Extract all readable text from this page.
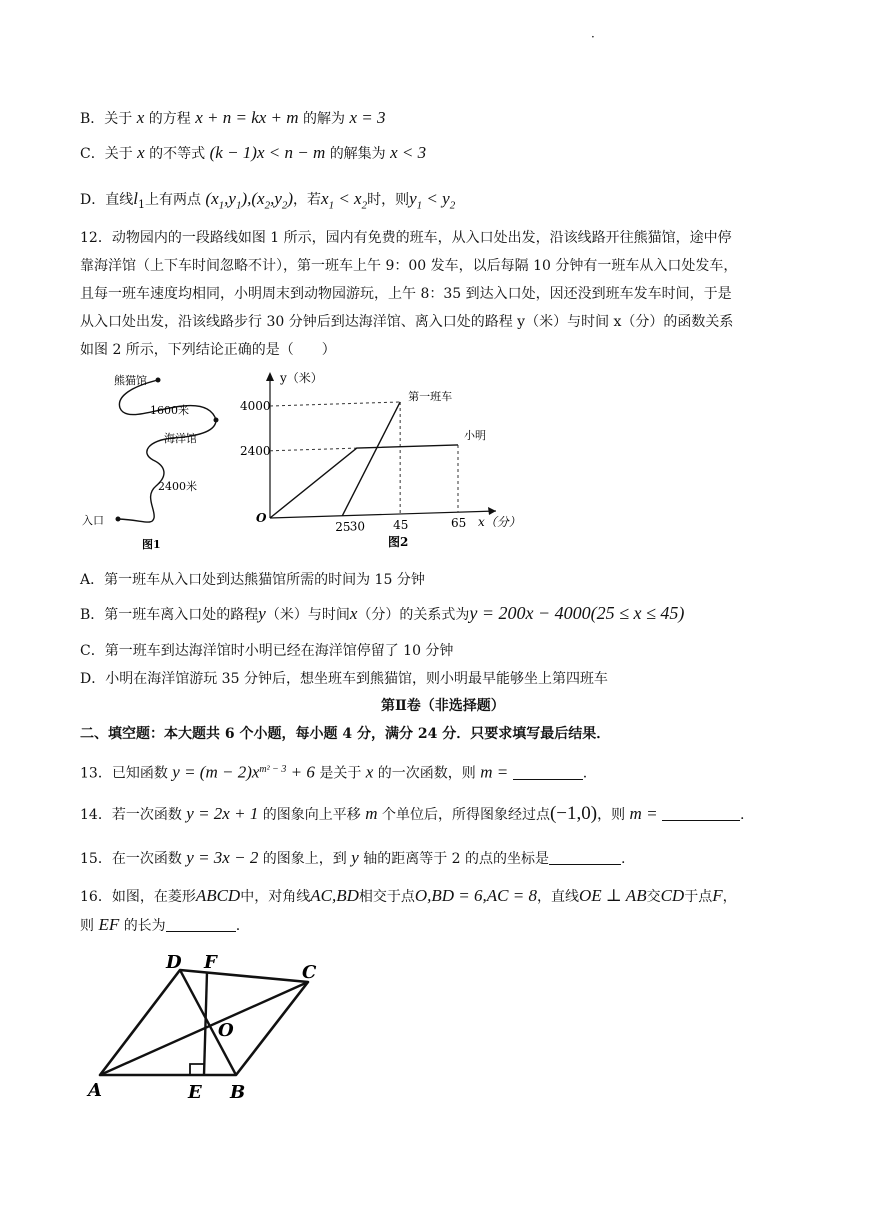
·
B．关于 x 的方程 x + n = kx + m 的解为 x = 3
C．关于 x 的不等式 (k − 1)x < n − m 的解集为 x < 3
D．直线$l_1$上有两点 $(x_1,y_1),(x_2,y_2)$，若$x_1 < x_2$时，则$y_1 < y_2$
12．动物园内的一段路线如图 1 所示，园内有免费的班车，从入口处出发，沿该线路开往熊猫馆，途中停
靠海洋馆（上下车时间忽略不计），第一班车上午 9：00 发车，以后每隔 10 分钟有一班车从入口处发车，
且每一班车速度均相同，小明周末到动物园游玩，上午 8：35 到达入口处，因还没到班车发车时间，于是
从入口处出发，沿该线路步行 30 分钟后到达海洋馆、离入口处的路程 y（米）与时间 x（分）的函数关系
如图 2 所示，下列结论正确的是（　　）
熊猫馆
1600米
海洋馆
2400米
入口
图1
y（米）
x（分）
O
图2
25 30 45	65
4000
2400
第一班车
小明
A．第一班车从入口处到达熊猫馆所需的时间为 15 分钟
B．第一班车离入口处的路程y（米）与时间x（分）的关系式为y = 200x − 4000(25 ≤ x ≤ 45)
C．第一班车到达海洋馆时小明已经在海洋馆停留了 10 分钟
D．小明在海洋馆游玩 35 分钟后，想坐班车到熊猫馆，则小明最早能够坐上第四班车
第Ⅱ卷（非选择题）
二、填空题：本大题共 6 个小题，每小题 4 分，满分 24 分．只要求填写最后结果．
13．已知函数 $y = (m - 2)x^{m^2 - 3} + 6$ 是关于 x 的一次函数，则 m =	.
14．若一次函数 y = 2x + 1 的图象向上平移 m 个单位后，所得图象经过点(−1,0)，则 m =	.
15．在一次函数 y = 3x − 2 的图象上，到 y 轴的距离等于 2 的点的坐标是	.
16．如图，在菱形ABCD中，对角线AC,BD相交于点O,BD = 6,AC = 8，直线OE ⊥ AB交CD于点F，
则 EF 的长为	.
D F	C
O
A	E B
